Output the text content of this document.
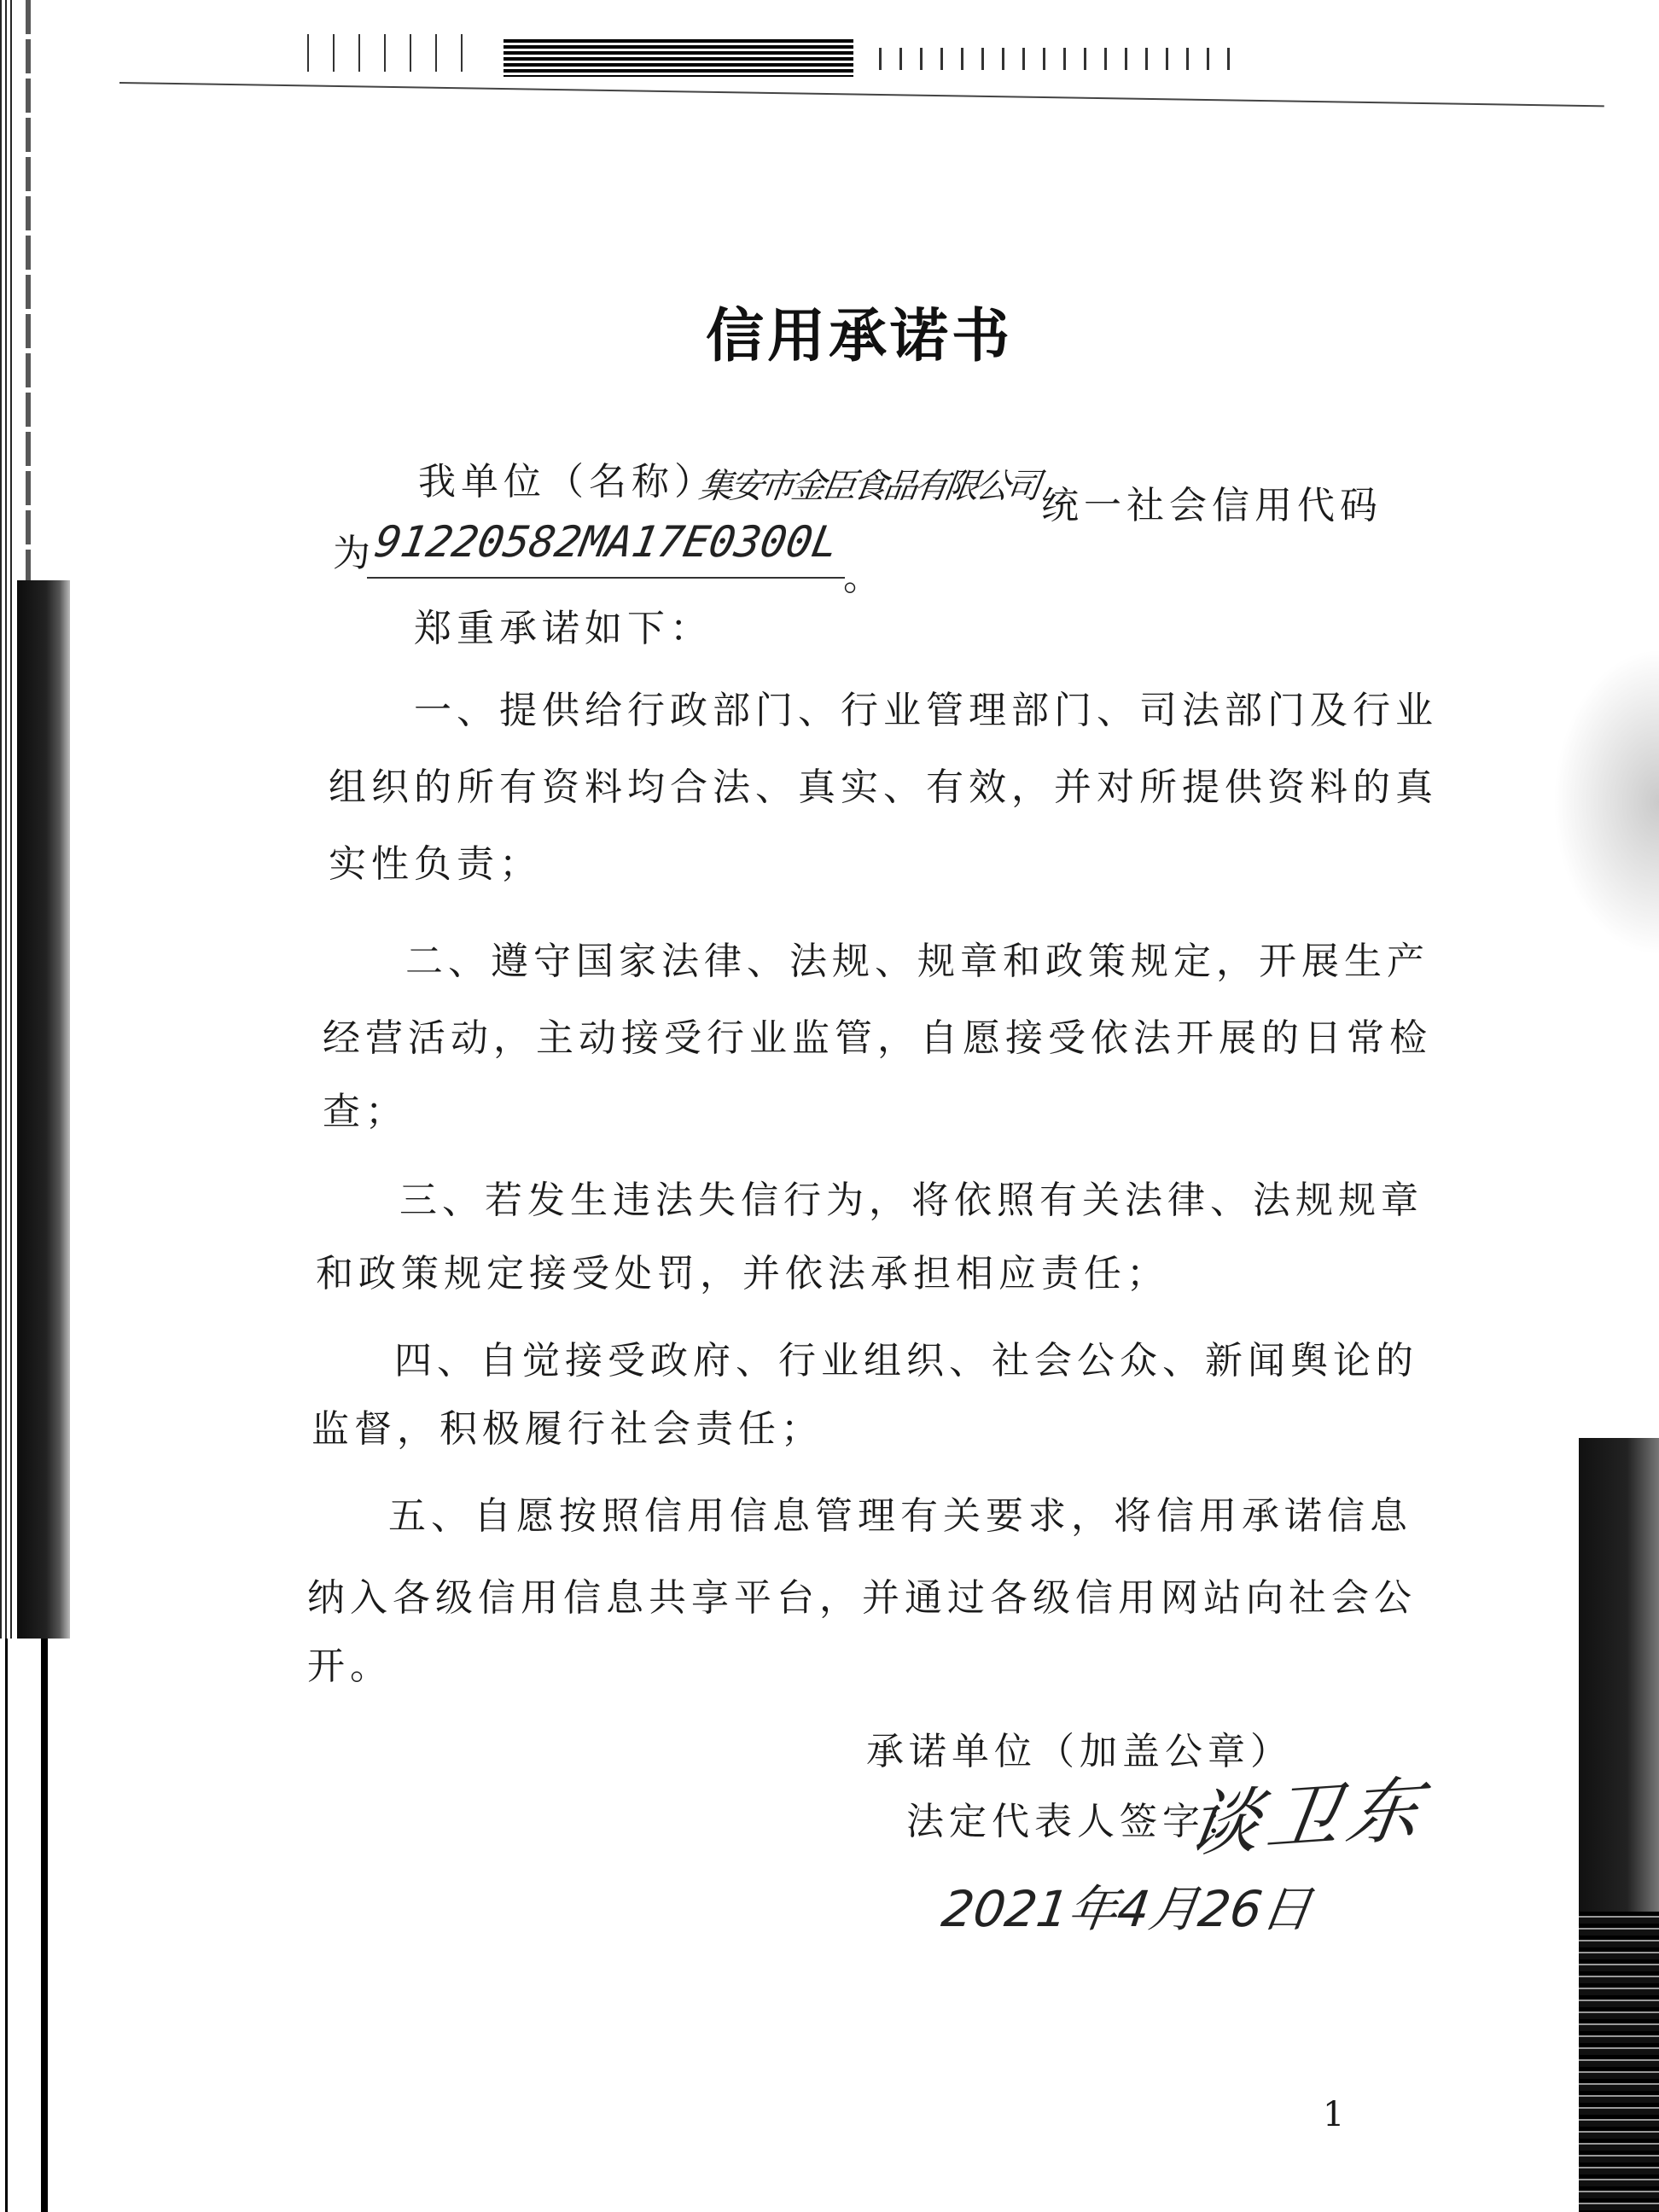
信用承诺书
我单位（名称）
集安市金臣食品有限公司 统一社会信用代码
为
91220582MA17E0300L
。
郑重承诺如下：
一、提供给行政部门、行业管理部门、司法部门及行业
组织的所有资料均合法、真实、有效，并对所提供资料的真
实性负责；
二、遵守国家法律、法规、规章和政策规定，开展生产
经营活动，主动接受行业监管，自愿接受依法开展的日常检
查；
三、若发生违法失信行为，将依照有关法律、法规规章
和政策规定接受处罚，并依法承担相应责任；
四、自觉接受政府、行业组织、社会公众、新闻舆论的
监督，积极履行社会责任；
五、自愿按照信用信息管理有关要求，将信用承诺信息
纳入各级信用信息共享平台，并通过各级信用网站向社会公
开。
承诺单位（加盖公章）
法定代表人签字：
谈卫东
2021年4月26日
1
